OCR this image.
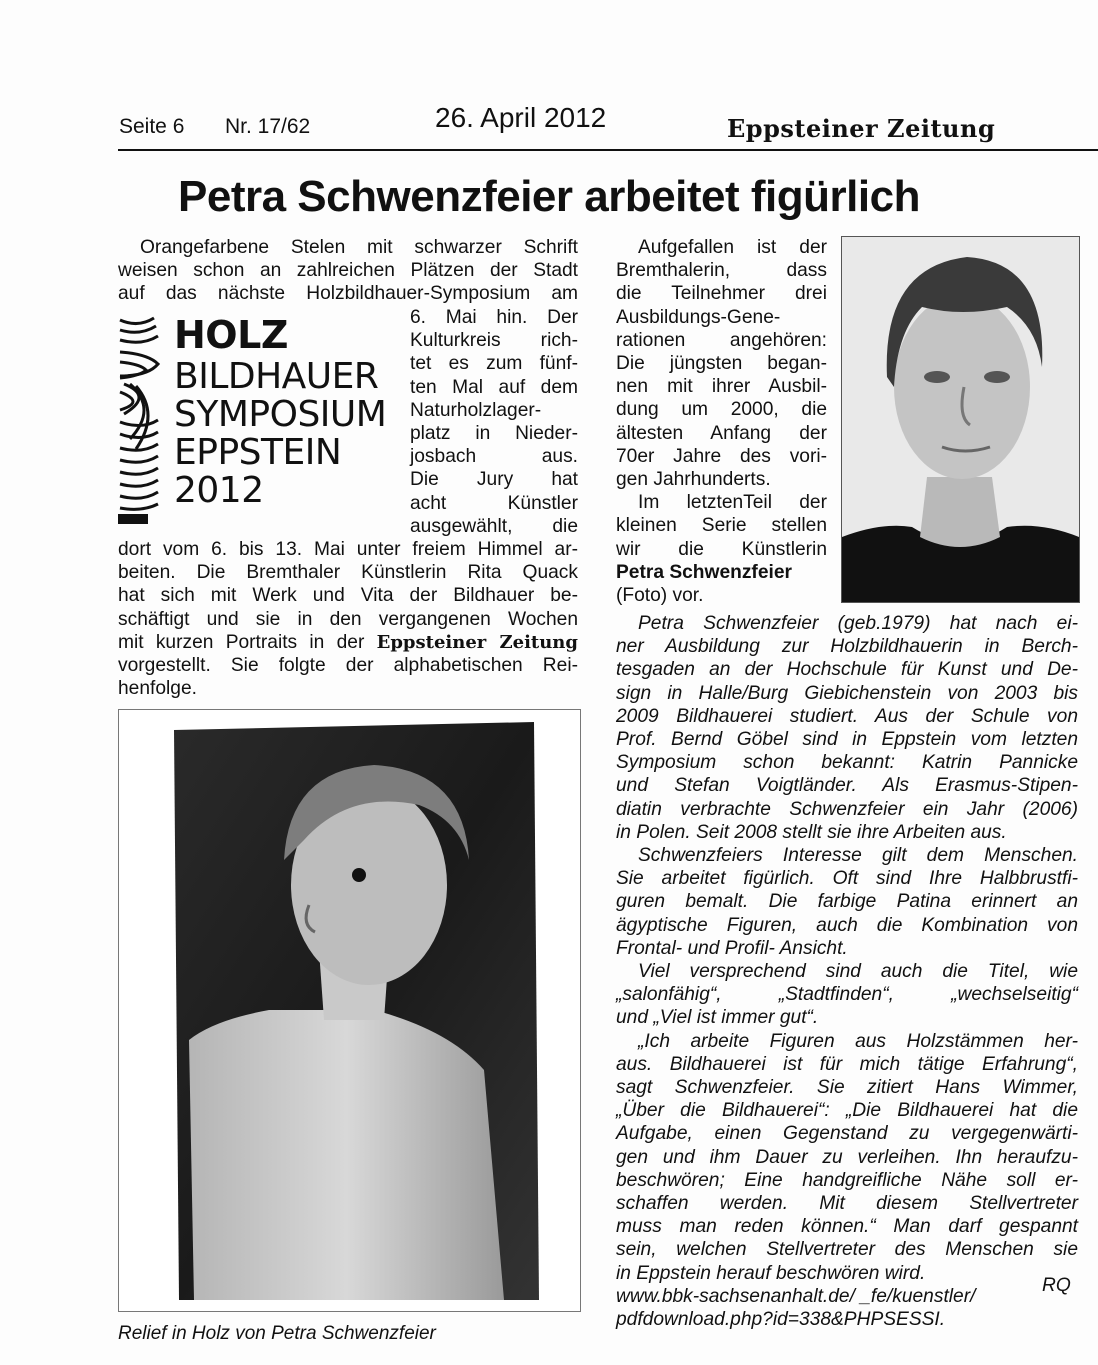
Seite 6 Nr. 17/62	26. April 2012	Eppsteiner Zeitung
Petra Schwenzfeier arbeitet figürlich
Orangefarbene Stelen mit schwarzer Schrift
weisen schon an zahlreichen Plätzen der Stadt
auf das nächste Holzbildhauer-Symposium am
HOLZ
BILDHAUER
SYMPOSIUM
EPPSTEIN
2012
6. Mai hin. Der
Kulturkreis rich-
tet es zum fünf-
ten Mal auf dem
Naturholzlager-
platz in Nieder-
josbach aus.
Die Jury hat
acht Künstler
ausgewählt, die
dort vom 6. bis 13. Mai unter freiem Himmel ar-
beiten. Die Bremthaler Künstlerin Rita Quack
hat sich mit Werk und Vita der Bildhauer be-
schäftigt und sie in den vergangenen Wochen
mit kurzen Portraits in der Eppsteiner Zeitung
vorgestellt. Sie folgte der alphabetischen Rei-
henfolge.
Relief in Holz von Petra Schwenzfeier
Aufgefallen ist der
Bremthalerin, dass
die Teilnehmer drei
Ausbildungs-Gene-
rationen angehören:
Die jüngsten began-
nen mit ihrer Ausbil-
dung um 2000, die
ältesten Anfang der
70er Jahre des vori-
gen Jahrhunderts.
Im letztenTeil der
kleinen Serie stellen
wir die Künstlerin
Petra Schwenzfeier
(Foto) vor.
Petra Schwenzfeier (geb.1979) hat nach ei-
ner Ausbildung zur Holzbildhauerin in Berch-
tesgaden an der Hochschule für Kunst und De-
sign in Halle/Burg Giebichenstein von 2003 bis
2009 Bildhauerei studiert. Aus der Schule von
Prof. Bernd Göbel sind in Eppstein vom letzten
Symposium schon bekannt: Katrin Pannicke
und Stefan Voigtländer. Als Erasmus-Stipen-
diatin verbrachte Schwenzfeier ein Jahr (2006)
in Polen. Seit 2008 stellt sie ihre Arbeiten aus.
Schwenzfeiers Interesse gilt dem Menschen.
Sie arbeitet figürlich. Oft sind Ihre Halbbrustfi-
guren bemalt. Die farbige Patina erinnert an
ägyptische Figuren, auch die Kombination von
Frontal- und Profil- Ansicht.
Viel versprechend sind auch die Titel, wie
„salonfähig“, „Stadtfinden“, „wechselseitig“
und „Viel ist immer gut“.
„Ich arbeite Figuren aus Holzstämmen her-
aus. Bildhauerei ist für mich tätige Erfahrung“,
sagt Schwenzfeier. Sie zitiert Hans Wimmer,
„Über die Bildhauerei“: „Die Bildhauerei hat die
Aufgabe, einen Gegenstand zu vergegenwärti-
gen und ihm Dauer zu verleihen. Ihn heraufzu-
beschwören; Eine handgreifliche Nähe soll er-
schaffen werden. Mit diesem Stellvertreter
muss man reden können.“ Man darf gespannt
sein, welchen Stellvertreter des Menschen sie
in Eppstein herauf beschwören wird.
www.bbk-sachsenanhalt.de/ _fe/kuenstler/
pdfdownload.php?id=338&PHPSESSI.
RQ
